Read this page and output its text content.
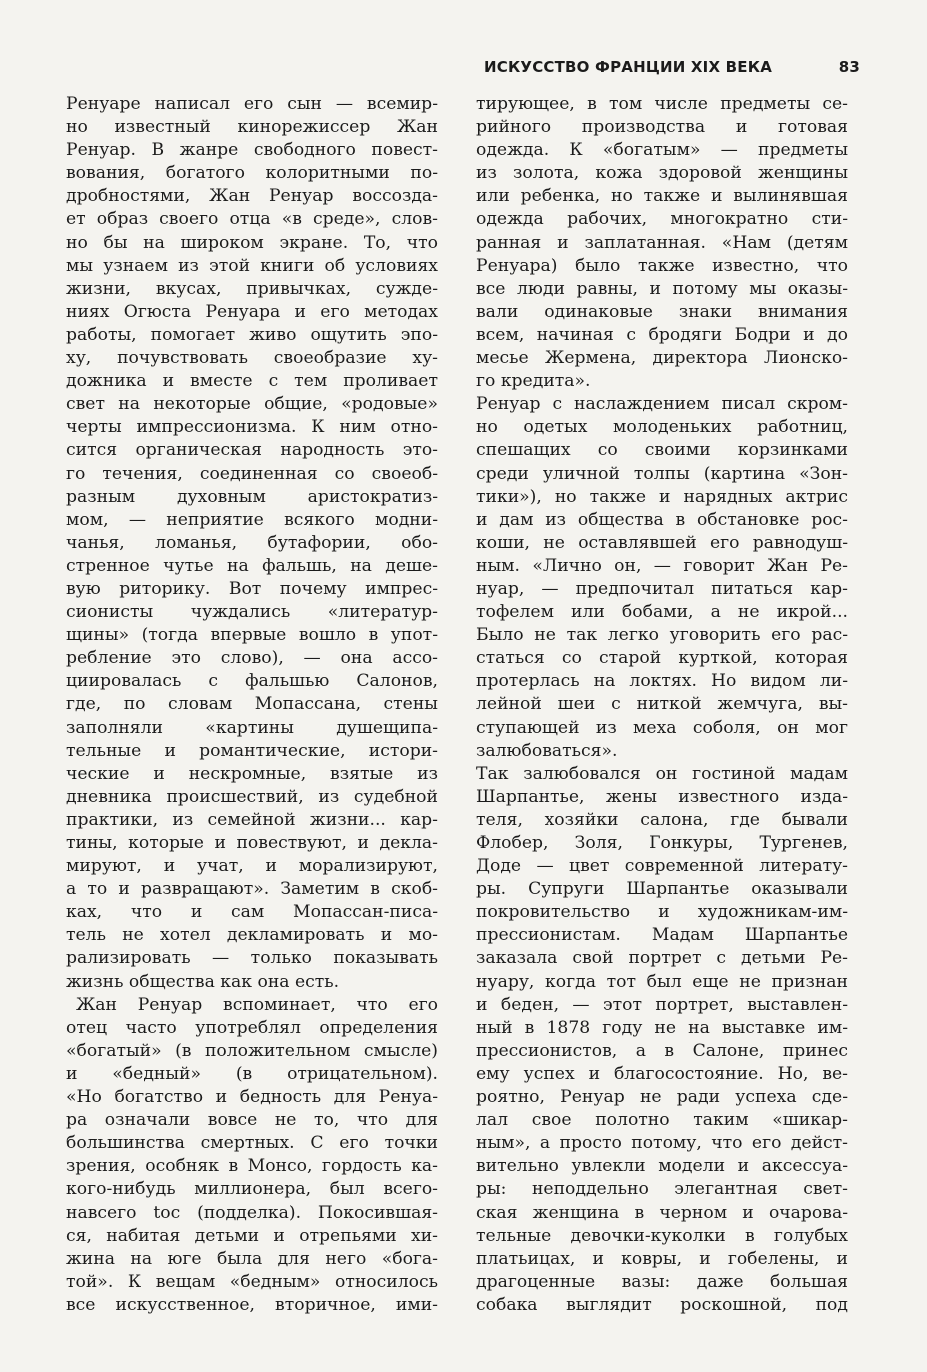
ИСКУССТВО ФРАНЦИИ XIX ВЕКА	83
Ренуаре написал его сын — всемир-
но известный кинорежиссер Жан
Ренуар. В жанре свободного повест-
вования, богатого колоритными по-
дробностями, Жан Ренуар воссозда-
ет образ своего отца «в среде», слов-
но бы на широком экране. То, что
мы узнаем из этой книги об условиях
жизни, вкусах, привычках, сужде-
ниях Огюста Ренуара и его методах
работы, помогает живо ощутить эпо-
ху, почувствовать своеобразие ху-
дожника и вместе с тем проливает
свет на некоторые общие, «родовые»
черты импрессионизма. К ним отно-
сится органическая народность это-
го течения, соединенная со своеоб-
разным духовным аристократиз-
мом, — неприятие всякого модни-
чанья, ломанья, бутафории, обо-
стренное чутье на фальшь, на деше-
вую риторику. Вот почему импрес-
сионисты чуждались «литератур-
щины» (тогда впервые вошло в упот-
ребление это слово), — она ассо-
циировалась с фальшью Салонов,
где, по словам Мопассана, стены
заполняли «картины душещипа-
тельные и романтические, истори-
ческие и нескромные, взятые из
дневника происшествий, из судебной
практики, из семейной жизни... кар-
тины, которые и повествуют, и декла-
мируют, и учат, и морализируют,
а то и развращают». Заметим в скоб-
ках, что и сам Мопассан-писа-
тель не хотел декламировать и мо-
рализировать — только показывать
жизнь общества как она есть.
Жан Ренуар вспоминает, что его
отец часто употреблял определения
«богатый» (в положительном смысле)
и «бедный» (в отрицательном).
«Но богатство и бедность для Ренуа-
ра означали вовсе не то, что для
большинства смертных. С его точки
зрения, особняк в Монсо, гордость ка-
кого-нибудь миллионера, был всего-
навсего toc (подделка). Покосившая-
ся, набитая детьми и отрепьями хи-
жина на юге была для него «бога-
той». К вещам «бедным» относилось
все искусственное, вторичное, ими-
тирующее, в том числе предметы се-
рийного производства и готовая
одежда. К «богатым» — предметы
из золота, кожа здоровой женщины
или ребенка, но также и вылинявшая
одежда рабочих, многократно сти-
ранная и заплатанная. «Нам (детям
Ренуара) было также известно, что
все люди равны, и потому мы оказы-
вали одинаковые знаки внимания
всем, начиная с бродяги Бодри и до
месье Жермена, директора Лионско-
го кредита».
Ренуар с наслаждением писал скром-
но одетых молоденьких работниц,
спешащих со своими корзинками
среди уличной толпы (картина «Зон-
тики»), но также и нарядных актрис
и дам из общества в обстановке рос-
коши, не оставлявшей его равнодуш-
ным. «Лично он, — говорит Жан Ре-
нуар, — предпочитал питаться кар-
тофелем или бобами, а не икрой...
Было не так легко уговорить его рас-
статься со старой курткой, которая
протерлась на локтях. Но видом ли-
лейной шеи с ниткой жемчуга, вы-
ступающей из меха соболя, он мог
залюбоваться».
Так залюбовался он гостиной мадам
Шарпантье, жены известного изда-
теля, хозяйки салона, где бывали
Флобер, Золя, Гонкуры, Тургенев,
Доде — цвет современной литерату-
ры. Супруги Шарпантье оказывали
покровительство и художникам-им-
прессионистам. Мадам Шарпантье
заказала свой портрет с детьми Ре-
нуару, когда тот был еще не признан
и беден, — этот портрет, выставлен-
ный в 1878 году не на выставке им-
прессионистов, а в Салоне, принес
ему успех и благосостояние. Но, ве-
роятно, Ренуар не ради успеха сде-
лал свое полотно таким «шикар-
ным», а просто потому, что его дейст-
вительно увлекли модели и аксессуа-
ры: неподдельно элегантная свет-
ская женщина в черном и очарова-
тельные девочки-куколки в голубых
платьицах, и ковры, и гобелены, и
драгоценные вазы: даже большая
собака выглядит роскошной, под
